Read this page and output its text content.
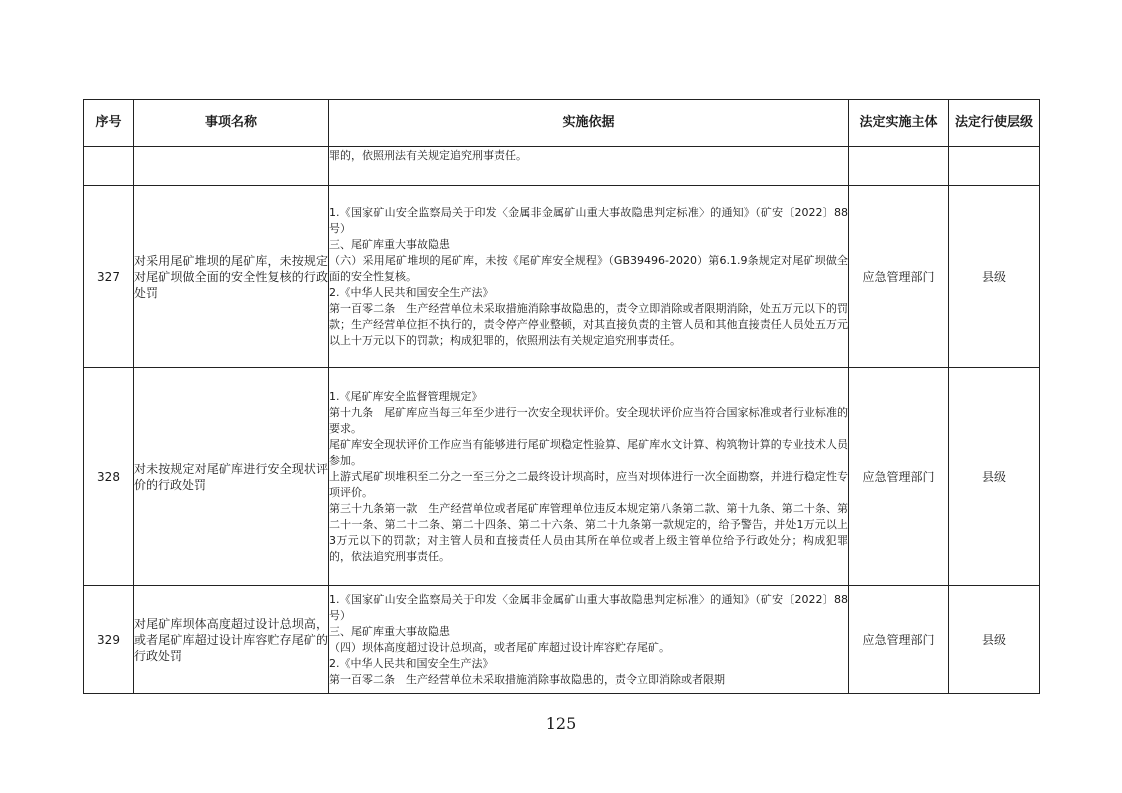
序号	事项名称	实施依据	法定实施主体	法定行使层级
		罪的，依照刑法有关规定追究刑事责任。		
327	对采用尾矿堆坝的尾矿库，未按规定对尾矿坝做全面的安全性复核的行政处罚	1.《国家矿山安全监察局关于印发〈金属非金属矿山重大事故隐患判定标准〉的通知》（矿安〔2022〕88号）
三、尾矿库重大事故隐患
（六）采用尾矿堆坝的尾矿库，未按《尾矿库安全规程》（GB39496-2020）第6.1.9条规定对尾矿坝做全面的安全性复核。
2.《中华人民共和国安全生产法》
第一百零二条　生产经营单位未采取措施消除事故隐患的，责令立即消除或者限期消除，处五万元以下的罚款；生产经营单位拒不执行的，责令停产停业整顿，对其直接负责的主管人员和其他直接责任人员处五万元以上十万元以下的罚款；构成犯罪的，依照刑法有关规定追究刑事责任。	应急管理部门	县级
328	对未按规定对尾矿库进行安全现状评价的行政处罚	1.《尾矿库安全监督管理规定》
第十九条　尾矿库应当每三年至少进行一次安全现状评价。安全现状评价应当符合国家标准或者行业标准的要求。
尾矿库安全现状评价工作应当有能够进行尾矿坝稳定性验算、尾矿库水文计算、构筑物计算的专业技术人员参加。
上游式尾矿坝堆积至二分之一至三分之二最终设计坝高时，应当对坝体进行一次全面勘察，并进行稳定性专项评价。
第三十九条第一款　生产经营单位或者尾矿库管理单位违反本规定第八条第二款、第十九条、第二十条、第二十一条、第二十二条、第二十四条、第二十六条、第二十九条第一款规定的，给予警告，并处1万元以上3万元以下的罚款；对主管人员和直接责任人员由其所在单位或者上级主管单位给予行政处分；构成犯罪的，依法追究刑事责任。	应急管理部门	县级
329	对尾矿库坝体高度超过设计总坝高，或者尾矿库超过设计库容贮存尾矿的行政处罚	1.《国家矿山安全监察局关于印发〈金属非金属矿山重大事故隐患判定标准〉的通知》（矿安〔2022〕88号）
三、尾矿库重大事故隐患
（四）坝体高度超过设计总坝高，或者尾矿库超过设计库容贮存尾矿。
2.《中华人民共和国安全生产法》
第一百零二条　生产经营单位未采取措施消除事故隐患的，责令立即消除或者限期	应急管理部门	县级
125
